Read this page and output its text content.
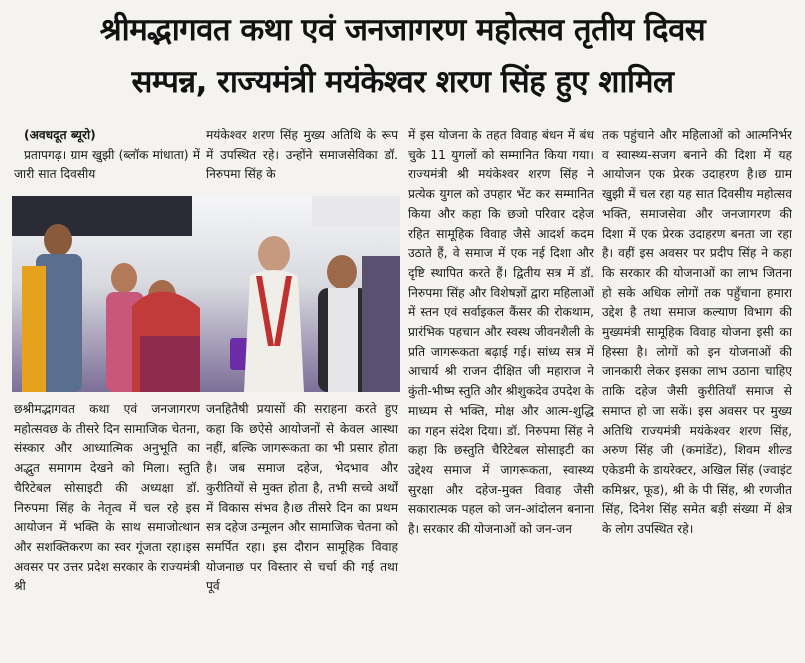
श्रीमद्भागवत कथा एवं जनजागरण महोत्सव तृतीय दिवस
सम्पन्न, राज्यमंत्री मयंकेश्वर शरण सिंह हुए शामिल
(अवधदूत ब्यूरो)
प्रतापगढ़। ग्राम खुझी (ब्लॉक मांधाता) में जारी सात दिवसीय
मयंकेश्वर शरण सिंह मुख्य अतिथि के रूप में उपस्थित रहे। उन्होंने समाजसेविका डॉ. निरुपमा सिंह के
छश्रीमद्भागवत कथा एवं जनजागरण महोत्सवछ के तीसरे दिन सामाजिक चेतना, संस्कार और आध्यात्मिक अनुभूति का अद्भुत समागम देखने को मिला। स्तुति चैरिटेबल सोसाइटी की अध्यक्षा डॉ. निरुपमा सिंह के नेतृत्व में चल रहे इस आयोजन में भक्ति के साथ समाजोत्थान और सशक्तिकरण का स्वर गूंजता रहा।इस अवसर पर उत्तर प्रदेश सरकार के राज्यमंत्री श्री
जनहितैषी प्रयासों की सराहना करते हुए कहा कि छऐसे आयोजनों से केवल आस्था नहीं, बल्कि जागरूकता का भी प्रसार होता है। जब समाज दहेज, भेदभाव और कुरीतियों से मुक्त होता है, तभी सच्चे अर्थों में विकास संभव है।छ तीसरे दिन का प्रथम सत्र दहेज उन्मूलन और सामाजिक चेतना को समर्पित रहा। इस दौरान सामूहिक विवाह योजनाछ पर विस्तार से चर्चा की गई तथा पूर्व
में इस योजना के तहत विवाह बंधन में बंध चुके 11 युगलों को सम्मानित किया गया। राज्यमंत्री श्री मयंकेश्वर शरण सिंह ने प्रत्येक युगल को उपहार भेंट कर सम्मानित किया और कहा कि छजो परिवार दहेज रहित सामूहिक विवाह जैसे आदर्श कदम उठाते हैं, वे समाज में एक नई दिशा और दृष्टि स्थापित करते हैं। द्वितीय सत्र में डॉ. निरुपमा सिंह और विशेषज्ञों द्वारा महिलाओं में स्तन एवं सर्वाइकल कैंसर की रोकथाम, प्रारंभिक पहचान और स्वस्थ जीवनशैली के प्रति जागरूकता बढ़ाई गई। सांध्य सत्र में आचार्य श्री राजन दीक्षित जी महाराज ने कुंती-भीष्म स्तुति और श्रीशुकदेव उपदेश के माध्यम से भक्ति, मोक्ष और आत्म-शुद्धि का गहन संदेश दिया। डॉ. निरुपमा सिंह ने कहा कि छस्तुति चैरिटेबल सोसाइटी का उद्देश्य समाज में जागरूकता, स्वास्थ्य सुरक्षा और दहेज-मुक्त विवाह जैसी सकारात्मक पहल को जन-आंदोलन बनाना है। सरकार की योजनाओं को जन-जन
तक पहुंचाने और महिलाओं को आत्मनिर्भर व स्वास्थ्य-सजग बनाने की दिशा में यह आयोजन एक प्रेरक उदाहरण है।छ ग्राम खुझी में चल रहा यह सात दिवसीय महोत्सव भक्ति, समाजसेवा और जनजागरण की दिशा में एक प्रेरक उदाहरण बनता जा रहा है। वहीं इस अवसर पर प्रदीप सिंह ने कहा कि सरकार की योजनाओं का लाभ जितना हो सके अधिक लोगों तक पहुँचाना हमारा उद्देश है तथा समाज कल्याण विभाग की मुख्यमंत्री सामूहिक विवाह योजना इसी का हिस्सा है। लोगों को इन योजनाओं की जानकारी लेकर इसका लाभ उठाना चाहिए ताकि दहेज जैसी कुरीतियाँ समाज से समाप्त हो जा सकें। इस अवसर पर मुख्य अतिथि राज्यमंत्री मयंकेश्वर शरण सिंह, अरुण सिंह जी (कमांडेंट), शिवम शील्ड एकेडमी के डायरेक्टर, अखिल सिंह (ज्वाइंट कमिश्नर, फूड), श्री के पी सिंह, श्री रणजीत सिंह, दिनेश सिंह समेत बड़ी संख्या में क्षेत्र के लोग उपस्थित रहे।
